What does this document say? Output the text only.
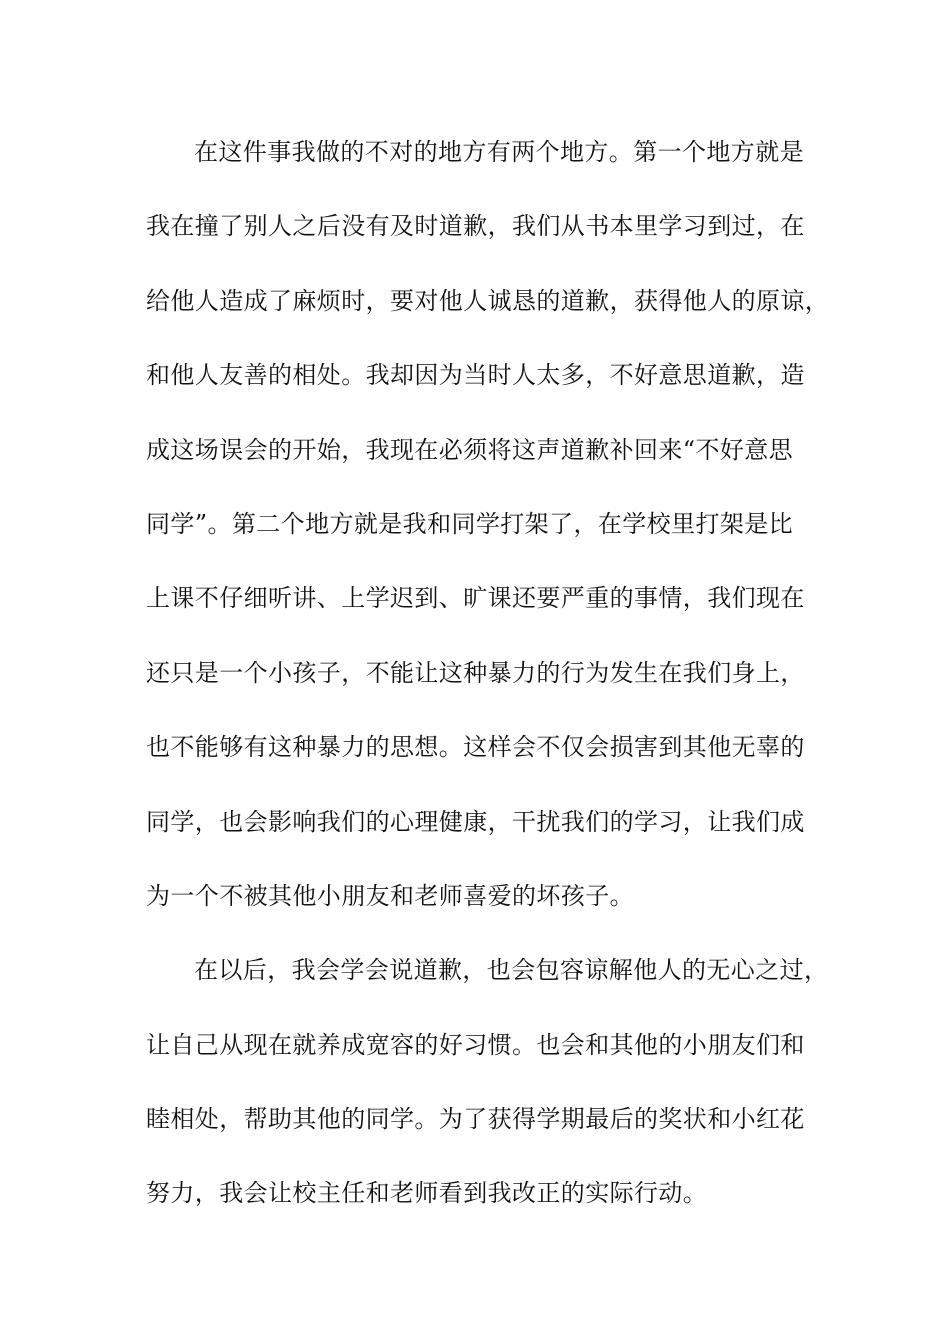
在这件事我做的不对的地方有两个地方。第一个地方就是
我在撞了别人之后没有及时道歉，我们从书本里学习到过，在
给他人造成了麻烦时，要对他人诚恳的道歉，获得他人的原谅，
和他人友善的相处。我却因为当时人太多，不好意思道歉，造
成这场误会的开始，我现在必须将这声道歉补回来“不好意思
同学”。第二个地方就是我和同学打架了，在学校里打架是比
上课不仔细听讲、上学迟到、旷课还要严重的事情，我们现在
还只是一个小孩子，不能让这种暴力的行为发生在我们身上，
也不能够有这种暴力的思想。这样会不仅会损害到其他无辜的
同学，也会影响我们的心理健康，干扰我们的学习，让我们成
为一个不被其他小朋友和老师喜爱的坏孩子。
在以后，我会学会说道歉，也会包容谅解他人的无心之过，
让自己从现在就养成宽容的好习惯。也会和其他的小朋友们和
睦相处，帮助其他的同学。为了获得学期最后的奖状和小红花
努力，我会让校主任和老师看到我改正的实际行动。
